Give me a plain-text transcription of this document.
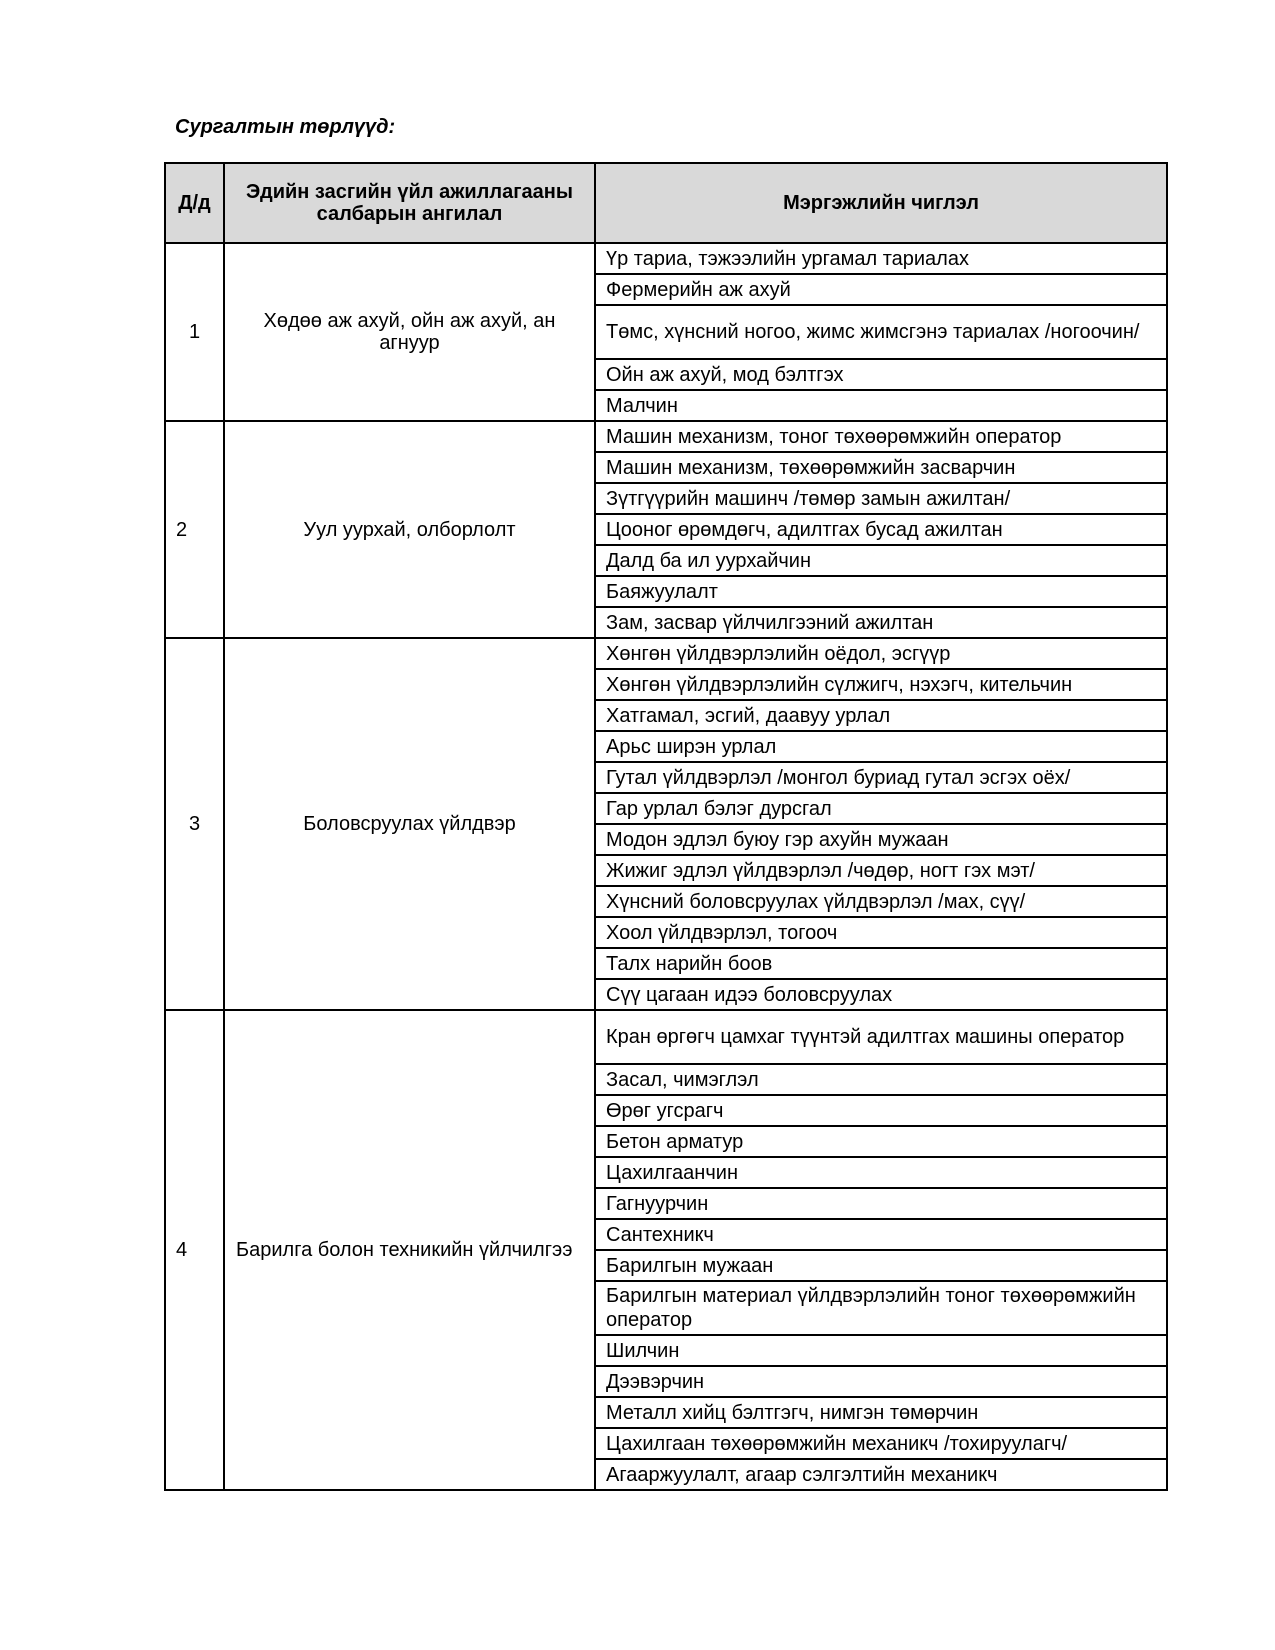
Сургалтын төрлүүд:
Д/д	Эдийн засгийн үйл ажиллагааны салбарын ангилал	Мэргэжлийн чиглэл
1	Хөдөө аж ахуй, ойн аж ахуй, ан агнуур	Үр тариа, тэжээлийн ургамал тариалах
		Фермерийн аж ахуй
		Төмс, хүнсний ногоо, жимс жимсгэнэ тариалах /ногоочин/
		Ойн аж ахуй, мод бэлтгэх
		Малчин
2	Уул уурхай, олборлолт	Машин механизм, тоног төхөөрөмжийн оператор
		Машин механизм, төхөөрөмжийн засварчин
		Зүтгүүрийн машинч /төмөр замын ажилтан/
		Цооног өрөмдөгч, адилтгах бусад ажилтан
		Далд ба ил уурхайчин
		Баяжуулалт
		Зам, засвар үйлчилгээний ажилтан
3	Боловсруулах үйлдвэр	Хөнгөн үйлдвэрлэлийн оёдол, эсгүүр
		Хөнгөн үйлдвэрлэлийн сүлжигч, нэхэгч, кительчин
		Хатгамал, эсгий, даавуу урлал
		Арьс ширэн урлал
		Гутал үйлдвэрлэл /монгол буриад гутал эсгэх оёх/
		Гар урлал бэлэг дурсгал
		Модон эдлэл буюу гэр ахуйн мужаан
		Жижиг эдлэл үйлдвэрлэл /чөдөр, ногт гэх мэт/
		Хүнсний боловсруулах үйлдвэрлэл /мах, сүү/
		Хоол үйлдвэрлэл, тогооч
		Талх нарийн боов
		Сүү цагаан идээ боловсруулах
4	Барилга болон техникийн үйлчилгээ	Кран өргөгч цамхаг түүнтэй адилтгах машины оператор
		Засал, чимэглэл
		Өрөг угсрагч
		Бетон арматур
		Цахилгаанчин
		Гагнуурчин
		Сантехникч
		Барилгын мужаан
		Барилгын материал үйлдвэрлэлийн тоног төхөөрөмжийн оператор
		Шилчин
		Дээвэрчин
		Металл хийц бэлтгэгч, нимгэн төмөрчин
		Цахилгаан төхөөрөмжийн механикч /тохируулагч/
		Агааржуулалт, агаар сэлгэлтийн механикч
